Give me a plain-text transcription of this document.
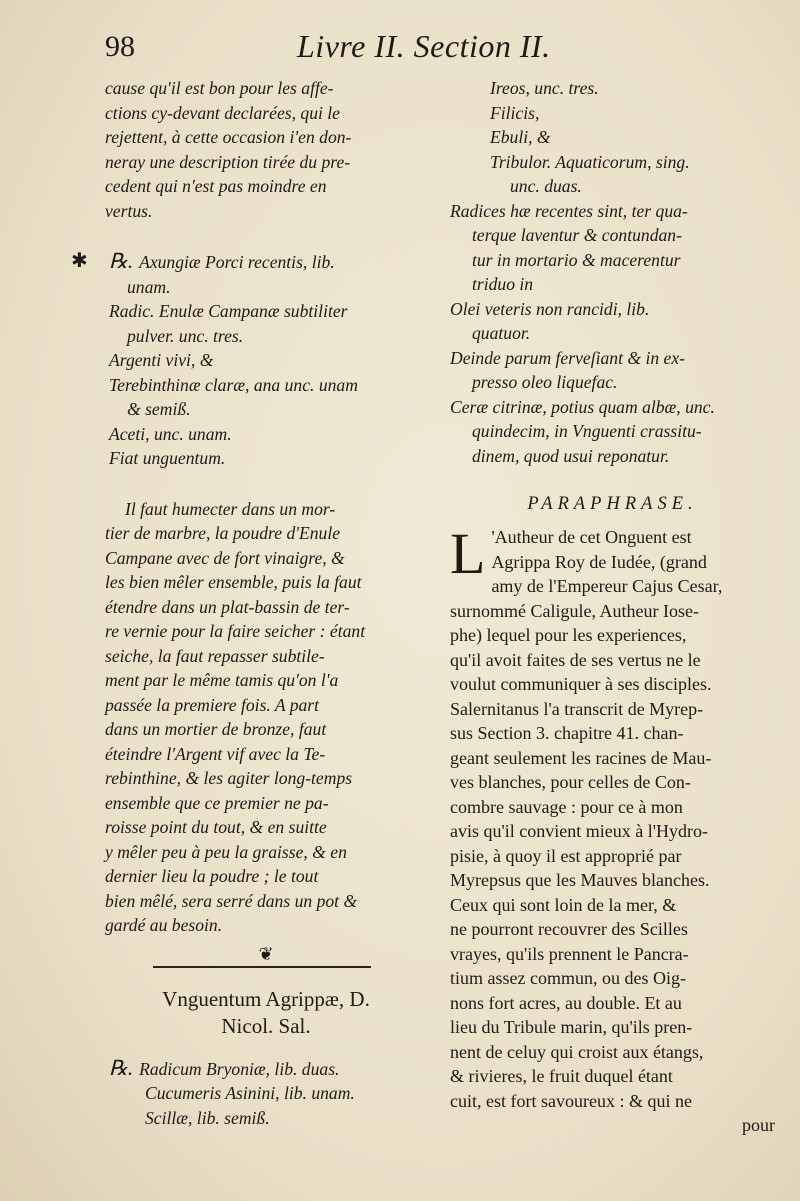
98	Livre II. Section II.
cause qu'il est bon pour les affe-
ctions cy-devant declarées, qui le
rejettent, à cette occasion i'en don-
neray une description tirée du pre-
cedent qui n'est pas moindre en
vertus.
✱ ℞. Axungiæ Porci recentis, lib.
unam.
Radic. Enulæ Campanæ subtiliter
pulver. unc. tres.
Argenti vivi, &
Terebinthinæ claræ, ana unc. unam
& semiß.
Aceti, unc. unam.
Fiat unguentum.
Il faut humecter dans un mor-
tier de marbre, la poudre d'Enule
Campane avec de fort vinaigre, &
les bien mêler ensemble, puis la faut
étendre dans un plat-bassin de ter-
re vernie pour la faire seicher : étant
seiche, la faut repasser subtile-
ment par le même tamis qu'on l'a
passée la premiere fois. A part
dans un mortier de bronze, faut
éteindre l'Argent vif avec la Te-
rebinthine, & les agiter long-temps
ensemble que ce premier ne pa-
roisse point du tout, & en suitte
y mêler peu à peu la graisse, & en
dernier lieu la poudre ; le tout
bien mêlé, sera serré dans un pot &
gardé au besoin.
❦
Vnguentum Agrippæ, D.
Nicol. Sal.
℞. Radicum Bryoniæ, lib. duas.
Cucumeris Asinini, lib. unam.
Scillæ, lib. semiß.
Ireos, unc. tres.
Filicis,
Ebuli, &
Tribulor. Aquaticorum, sing.
unc. duas.
Radices hæ recentes sint, ter qua-
terque laventur & contundan-
tur in mortario & macerentur
triduo in
Olei veteris non rancidi, lib.
quatuor.
Deinde parum ferveſiant & in ex-
presso oleo liquefac.
Ceræ citrinæ, potius quam albæ, unc.
quindecim, in Vnguenti crassitu-
dinem, quod usui reponatur.
PARAPHRASE.
L 'Autheur de cet Onguent est
Agrippa Roy de Iudée, (grand
amy de l'Empereur Cajus Cesar,
surnommé Caligule, Autheur Iose-
phe) lequel pour les experiences,
qu'il avoit faites de ses vertus ne le
voulut communiquer à ses disciples.
Salernitanus l'a transcrit de Myrep-
sus Section 3. chapitre 41. chan-
geant seulement les racines de Mau-
ves blanches, pour celles de Con-
combre sauvage : pour ce à mon
avis qu'il convient mieux à l'Hydro-
pisie, à quoy il est approprié par
Myrepsus que les Mauves blanches.
Ceux qui sont loin de la mer, &
ne pourront recouvrer des Scilles
vrayes, qu'ils prennent le Pancra-
tium assez commun, ou des Oig-
nons fort acres, au double. Et au
lieu du Tribule marin, qu'ils pren-
nent de celuy qui croist aux étangs,
& rivieres, le fruit duquel étant
cuit, est fort savoureux : & qui ne
pour
